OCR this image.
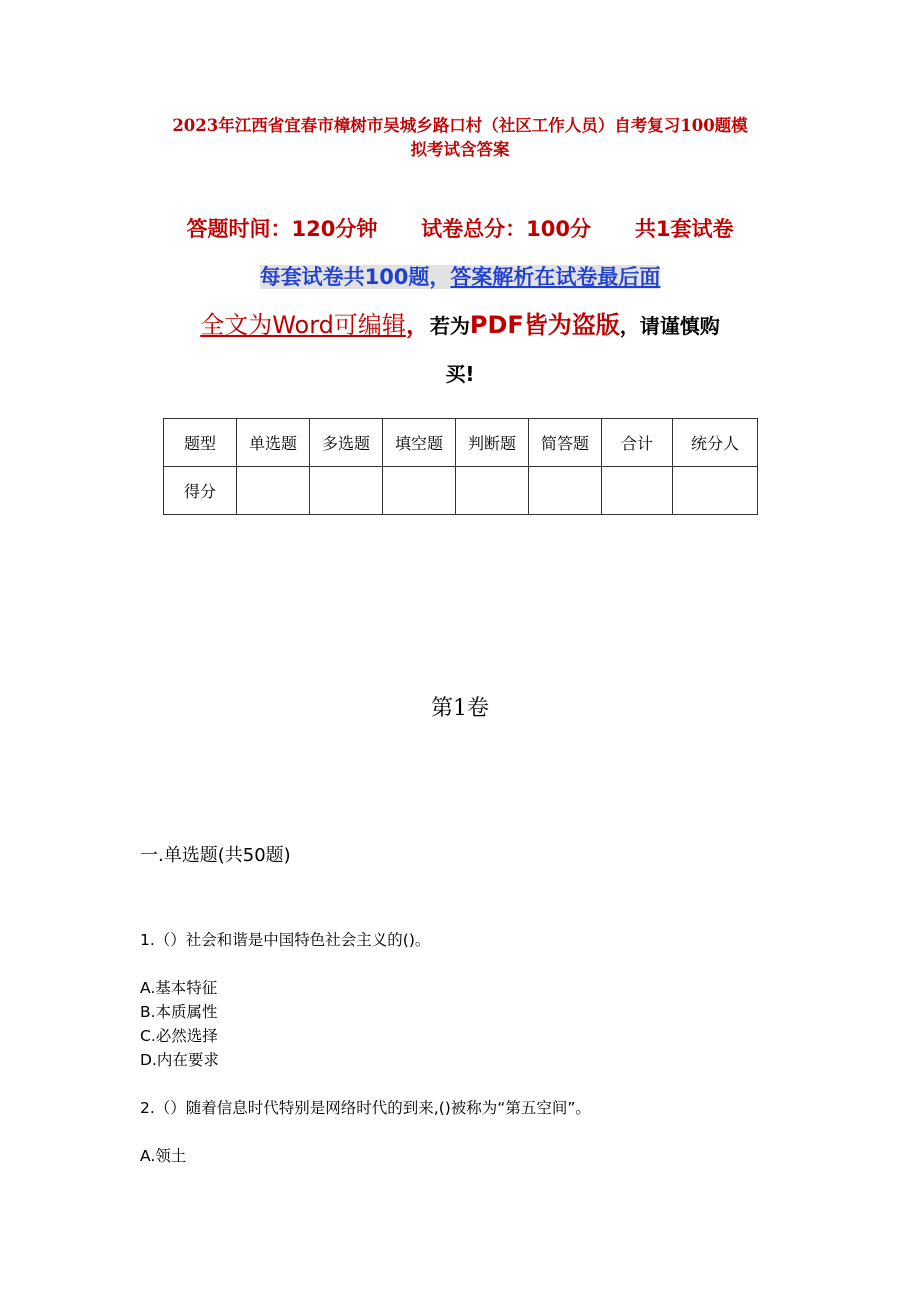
2023年江西省宜春市樟树市吴城乡路口村（社区工作人员）自考复习100题模
拟考试含答案
答题时间：120分钟      试卷总分：100分      共1套试卷
每套试卷共100题，答案解析在试卷最后面
全文为Word可编辑，若为PDF皆为盗版，请谨慎购
买!
题型	单选题	多选题	填空题	判断题	简答题	合计	统分人
得分							
第1卷
一.单选题(共50题)
1.（）社会和谐是中国特色社会主义的()。
A.基本特征
B.本质属性
C.必然选择
D.内在要求
2.（）随着信息时代特别是网络时代的到来,()被称为“第五空间”。
A.领土
